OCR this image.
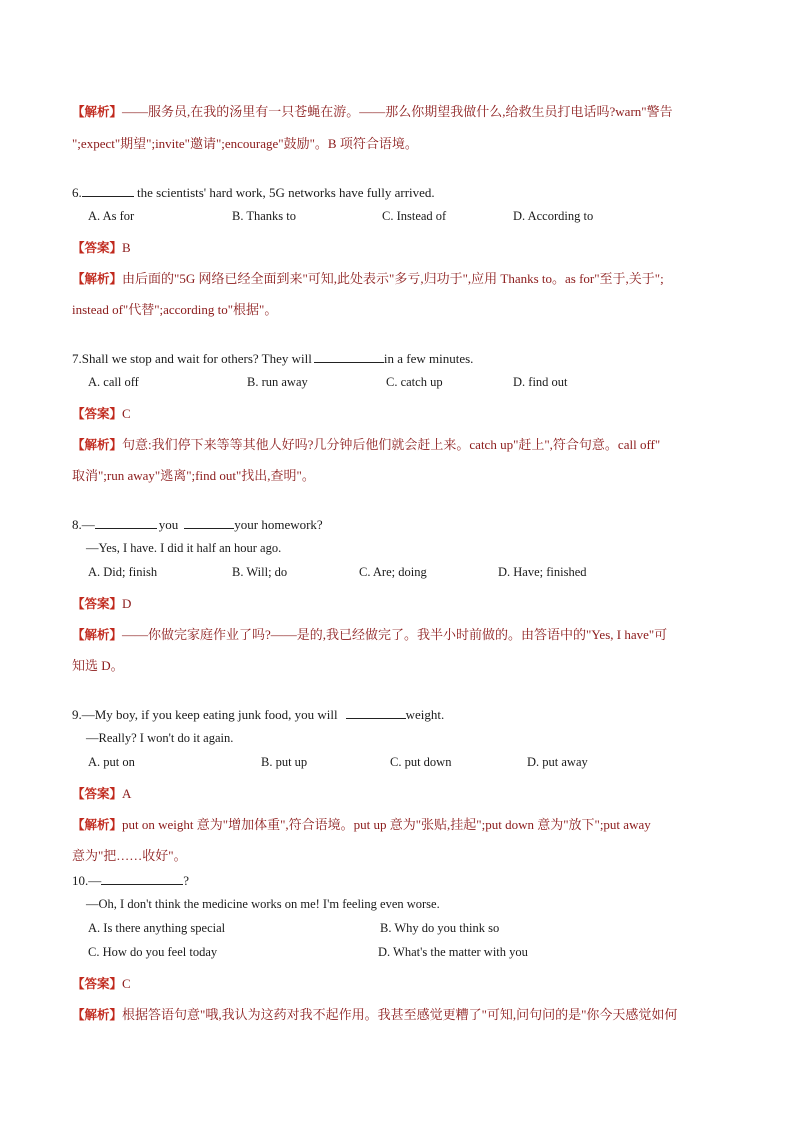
【解析】——服务员,在我的汤里有一只苍蝇在游。——那么你期望我做什么,给救生员打电话吗?warn"警告
";expect"期望";invite"邀请";encourage"鼓励"。B 项符合语境。
6.	the scientists' hard work, 5G networks have fully arrived.
A. As for	B. Thanks to	C. Instead of	D. According to
【答案】B
【解析】由后面的"5G 网络已经全面到来"可知,此处表示"多亏,归功于",应用 Thanks to。as for"至于,关于";
instead of"代替";according to"根据"。
7.Shall we stop and wait for others? They will	in a few minutes.
A. call off	B. run away	C. catch up	D. find out
【答案】C
【解析】句意:我们停下来等等其他人好吗?几分钟后他们就会赶上来。catch up"赶上",符合句意。call off"
取消";run away"逃离";find out"找出,查明"。
8.—	you	your homework?
—Yes, I have. I did it half an hour ago.
A. Did; finish	B. Will; do	C. Are; doing	D. Have; finished
【答案】D
【解析】——你做完家庭作业了吗?——是的,我已经做完了。我半小时前做的。由答语中的"Yes, I have"可
知选 D。
9.—My boy, if you keep eating junk food, you will	weight.
—Really? I won't do it again.
A. put on	B. put up	C. put down	D. put away
【答案】A
【解析】put on weight 意为"增加体重",符合语境。put up 意为"张贴,挂起";put down 意为"放下";put away
意为"把……收好"。
10.—	?
—Oh, I don't think the medicine works on me! I'm feeling even worse.
A. Is there anything special	B. Why do you think so
C. How do you feel today	D. What's the matter with you
【答案】C
【解析】根据答语句意"哦,我认为这药对我不起作用。我甚至感觉更糟了"可知,问句问的是"你今天感觉如何
